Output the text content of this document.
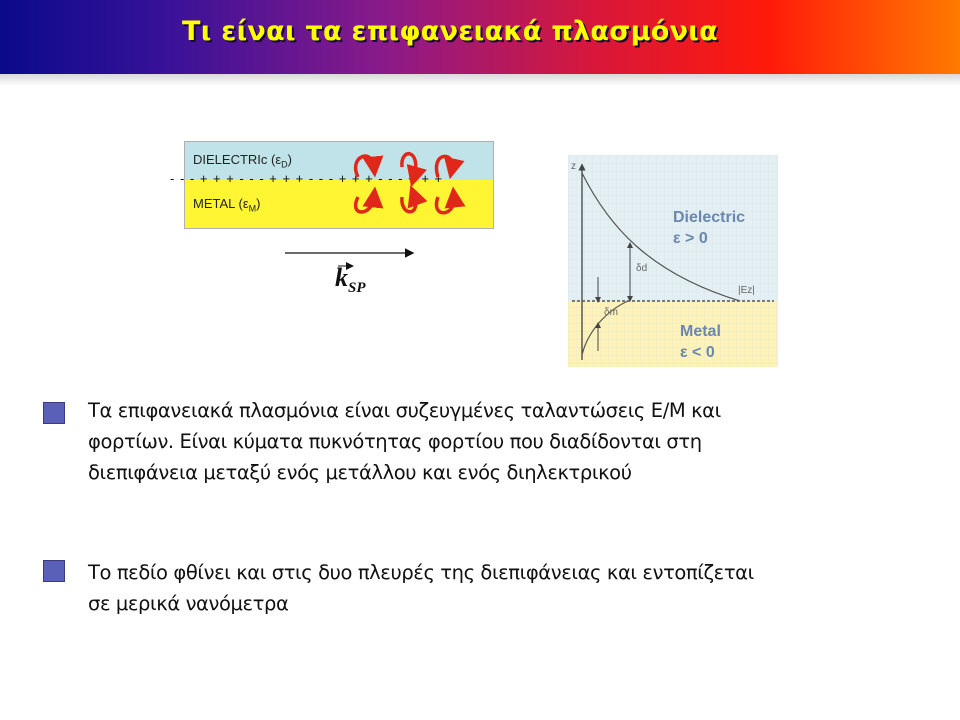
Τι είναι τα επιφανειακά πλασμόνια
DIELECTRIc $(\varepsilon_D)$
METAL $(\varepsilon_M)$
- - - + + + - - - + + + - - - + + + - - - + + +
$k_{SP}$
z
δd
δm
|Ez|
Dielectric
ε > 0
Metal
ε < 0
Τα επιφανειακά πλασμόνια είναι συζευγμένες ταλαντώσεις Ε/Μ και
φορτίων. Είναι κύματα πυκνότητας φορτίου που διαδίδονται στη
διεπιφάνεια μεταξύ ενός μετάλλου και ενός διηλεκτρικού
Το πεδίο φθίνει και στις δυο πλευρές της διεπιφάνειας και εντοπίζεται
σε μερικά νανόμετρα
